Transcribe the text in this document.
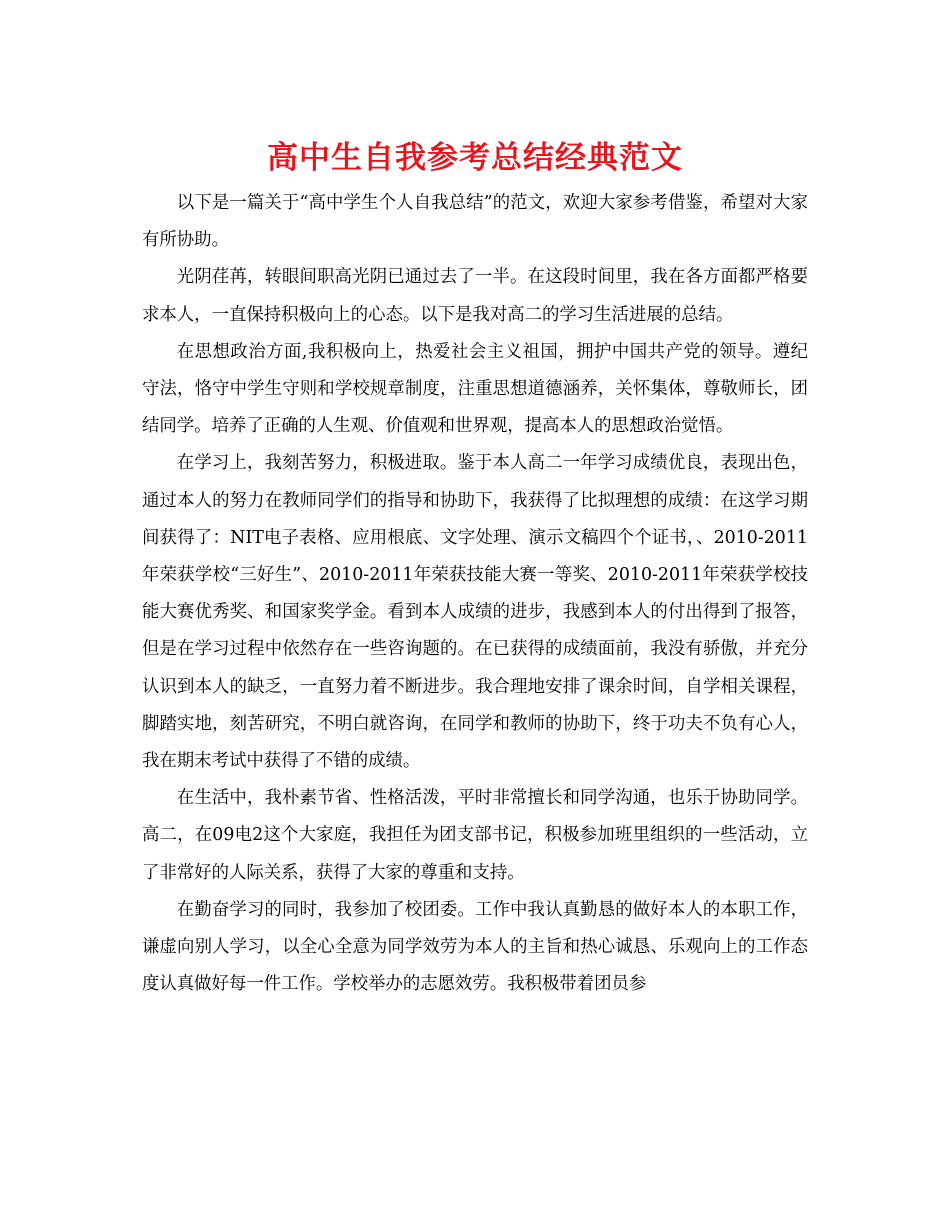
高中生自我参考总结经典范文

以下是一篇关于“高中学生个人自我总结”的范文，欢迎大家参考借鉴，希望对大家有所协助。

光阴荏苒，转眼间职高光阴已通过去了一半。在这段时间里，我在各方面都严格要求本人，一直保持积极向上的心态。以下是我对高二的学习生活进展的总结。

在思想政治方面,我积极向上，热爱社会主义祖国，拥护中国共产党的领导。遵纪守法，恪守中学生守则和学校规章制度，注重思想道德涵养，关怀集体，尊敬师长，团结同学。培养了正确的人生观、价值观和世界观，提高本人的思想政治觉悟。

在学习上，我刻苦努力，积极进取。鉴于本人高二一年学习成绩优良，表现出色，通过本人的努力在教师同学们的指导和协助下，我获得了比拟理想的成绩：在这学习期间获得了：NIT电子表格、应用根底、文字处理、演示文稿四个个证书，、2010-2011年荣获学校“三好生”、2010-2011年荣获技能大赛一等奖、2010-2011年荣获学校技能大赛优秀奖、和国家奖学金。看到本人成绩的进步，我感到本人的付出得到了报答，但是在学习过程中依然存在一些咨询题的。在已获得的成绩面前，我没有骄傲，并充分认识到本人的缺乏，一直努力着不断进步。我合理地安排了课余时间，自学相关课程，脚踏实地，刻苦研究，不明白就咨询，在同学和教师的协助下，终于功夫不负有心人，我在期末考试中获得了不错的成绩。

在生活中，我朴素节省、性格活泼，平时非常擅长和同学沟通，也乐于协助同学。高二，在09电2这个大家庭，我担任为团支部书记，积极参加班里组织的一些活动，立了非常好的人际关系，获得了大家的尊重和支持。

在勤奋学习的同时，我参加了校团委。工作中我认真勤恳的做好本人的本职工作，谦虚向别人学习，以全心全意为同学效劳为本人的主旨和热心诚恳、乐观向上的工作态度认真做好每一件工作。学校举办的志愿效劳。我积极带着团员参
